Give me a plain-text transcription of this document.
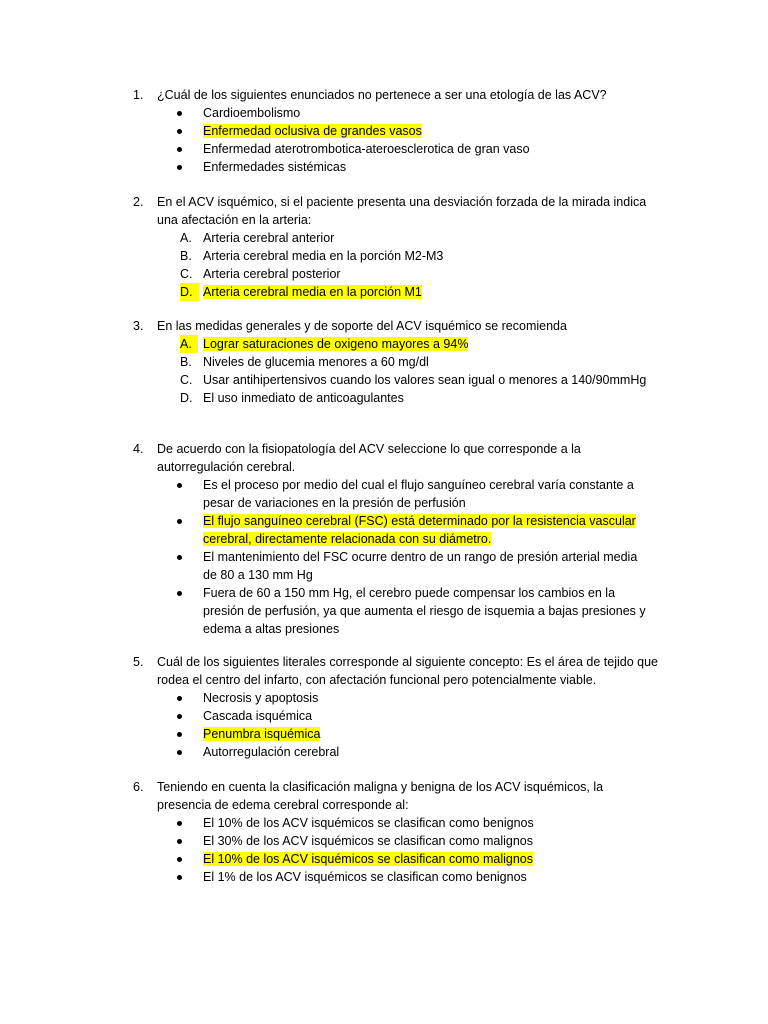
1. ¿Cuál de los siguientes enunciados no pertenece a ser una etología de las ACV?
Cardioembolismo
Enfermedad oclusiva de grandes vasos
Enfermedad aterotrombotica-ateroesclerotica de gran vaso
Enfermedades sistémicas
2. En el ACV isquémico, si el paciente presenta una desviación forzada de la mirada indica una afectación en la arteria:
A. Arteria cerebral anterior
B. Arteria cerebral media en la porción M2-M3
C. Arteria cerebral posterior
D. Arteria cerebral media en la porción M1
3. En las medidas generales y de soporte del ACV isquémico se recomienda
A. Lograr saturaciones de oxigeno mayores a 94%
B. Niveles de glucemia menores a 60 mg/dl
C. Usar antihipertensivos cuando los valores sean igual o menores a 140/90mmHg
D. El uso inmediato de anticoagulantes
4. De acuerdo con la fisiopatología del ACV seleccione lo que corresponde a la autorregulación cerebral.
Es el proceso por medio del cual el flujo sanguíneo cerebral varía constante a pesar de variaciones en la presión de perfusión
El flujo sanguíneo cerebral (FSC) está determinado por la resistencia vascular cerebral, directamente relacionada con su diámetro.
El mantenimiento del FSC ocurre dentro de un rango de presión arterial media de 80 a 130 mm Hg
Fuera de 60 a 150 mm Hg, el cerebro puede compensar los cambios en la presión de perfusión, ya que aumenta el riesgo de isquemia a bajas presiones y edema a altas presiones
5. Cuál de los siguientes literales corresponde al siguiente concepto: Es el área de tejido que rodea el centro del infarto, con afectación funcional pero potencialmente viable.
Necrosis y apoptosis
Cascada isquémica
Penumbra isquémica
Autorregulación cerebral
6. Teniendo en cuenta la clasificación maligna y benigna de los ACV isquémicos, la presencia de edema cerebral corresponde al:
El 10% de los ACV isquémicos se clasifican como benignos
El 30% de los ACV isquémicos se clasifican como malignos
El 10% de los ACV isquémicos se clasifican como malignos
El 1% de los ACV isquémicos se clasifican como benignos
